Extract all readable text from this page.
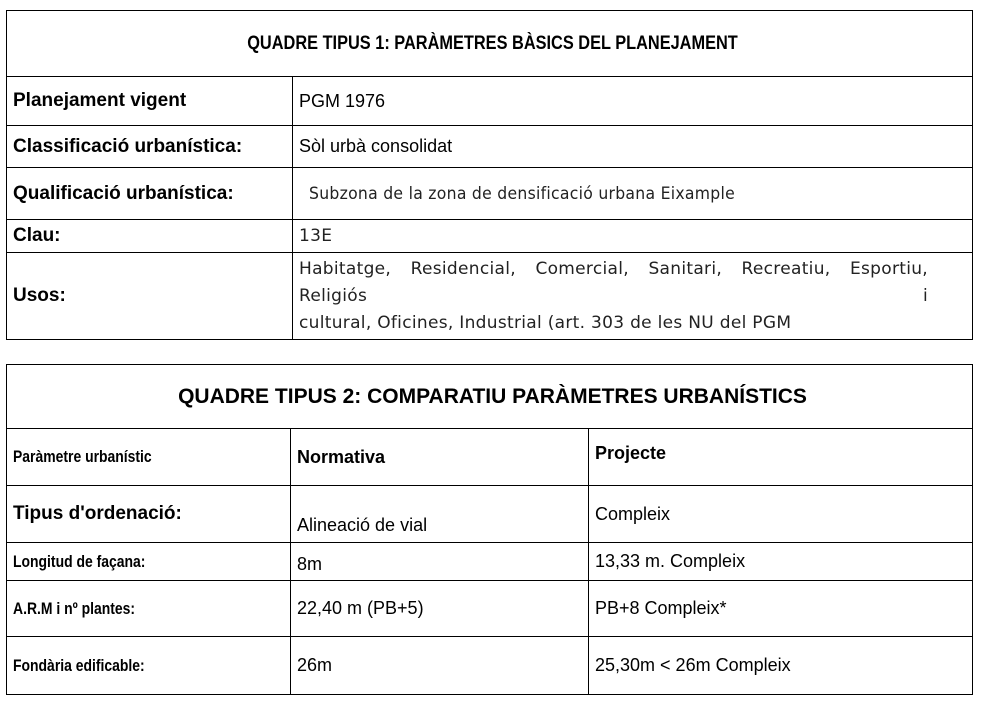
QUADRE TIPUS 1: PARÀMETRES BÀSICS DEL PLANEJAMENT	

Planejament vigent	PGM 1976
Classificació urbanística:	Sòl urbà consolidat
Qualificació urbanística:	Subzona de la zona de densificació urbana Eixample
Clau:	13E
Usos:	Habitatge, Residencial, Comercial, Sanitari, Recreatiu, Esportiu, Religiós i
cultural, Oficines, Industrial (art. 303 de les NU del PGM
QUADRE TIPUS 2: COMPARATIU PARÀMETRES URBANÍSTICS		

Paràmetre urbanístic	Normativa	Projecte
Tipus d'ordenació:	Alineació de vial	Compleix
Longitud de façana:	8m	13,33 m. Compleix
A.R.M i nº plantes:	22,40 m (PB+5)	PB+8 Compleix*
Fondària edificable:	26m	25,30m < 26m Compleix
